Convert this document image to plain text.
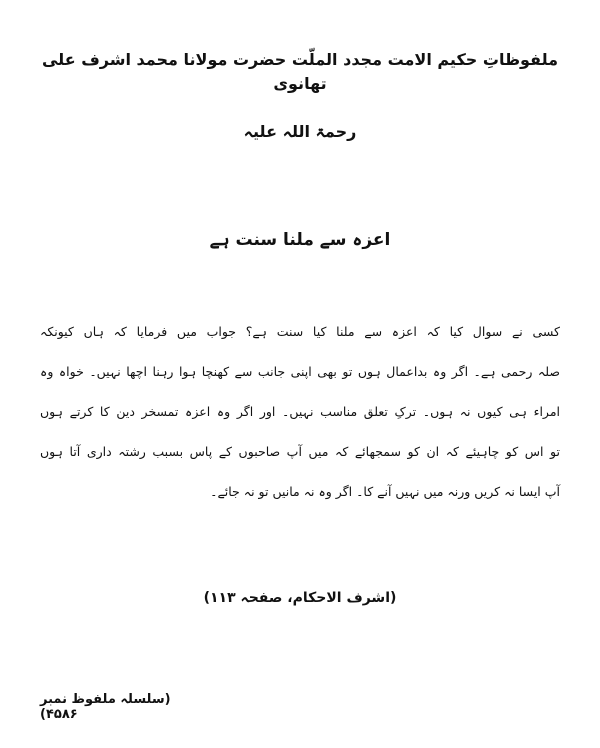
ملفوظاتِ حکیم الامت مجدد الملّت حضرت مولانا محمد اشرف علی تھانوی
رحمۃ اللہ علیہ
اعزہ سے ملنا سنت ہے
کسی نے سوال کیا کہ اعزہ سے ملنا کیا سنت ہے؟ جواب میں فرمایا کہ ہاں کیونکہ
صلہ رحمی ہے۔ اگر وہ بداعمال ہوں تو بھی اپنی جانب سے کھنچا ہوا رہنا اچھا نہیں۔ خواہ وہ
امراء ہی کیوں نہ ہوں۔ ترکِ تعلق مناسب نہیں۔ اور اگر وہ اعزہ تمسخر دین کا کرتے ہوں
تو اس کو چاہیئے کہ ان کو سمجھائے کہ میں آپ صاحبوں کے پاس بسبب رشتہ داری آتا ہوں
آپ ایسا نہ کریں ورنہ میں نہیں آنے کا۔ اگر وہ نہ مانیں تو نہ جائے۔
(اشرف الاحکام، صفحہ ۱۱۳)
(سلسلہ ملفوظ نمبر ۴۵۸۶)
